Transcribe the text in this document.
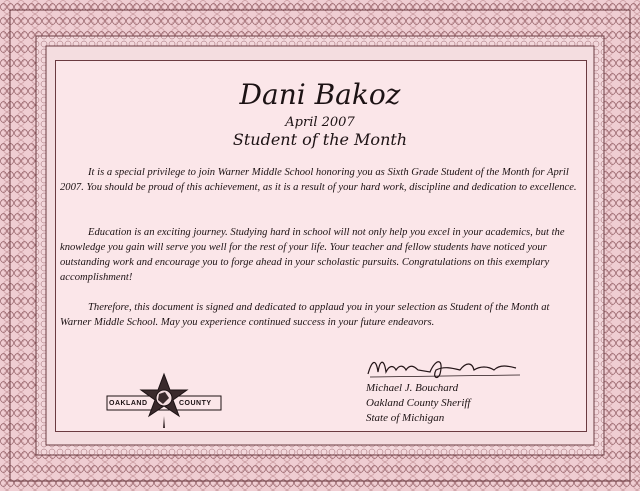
Dani Bakoz
April 2007
Student of the Month

It is a special privilege to join Warner Middle School honoring you as Sixth Grade Student of the Month for April 2007. You should be proud of this achievement, as it is a result of your hard work, discipline and dedication to excellence.

Education is an exciting journey. Studying hard in school will not only help you excel in your academics, but the knowledge you gain will serve you well for the rest of your life. Your teacher and fellow students have noticed your outstanding work and encourage you to forge ahead in your scholastic pursuits. Congratulations on this exemplary accomplishment!

Therefore, this document is signed and dedicated to applaud you in your selection as Student of the Month at Warner Middle School. May you experience continued success in your future endeavors.

Michael J. Bouchard
Oakland County Sheriff
State of Michigan
OAKLAND	COUNTY
